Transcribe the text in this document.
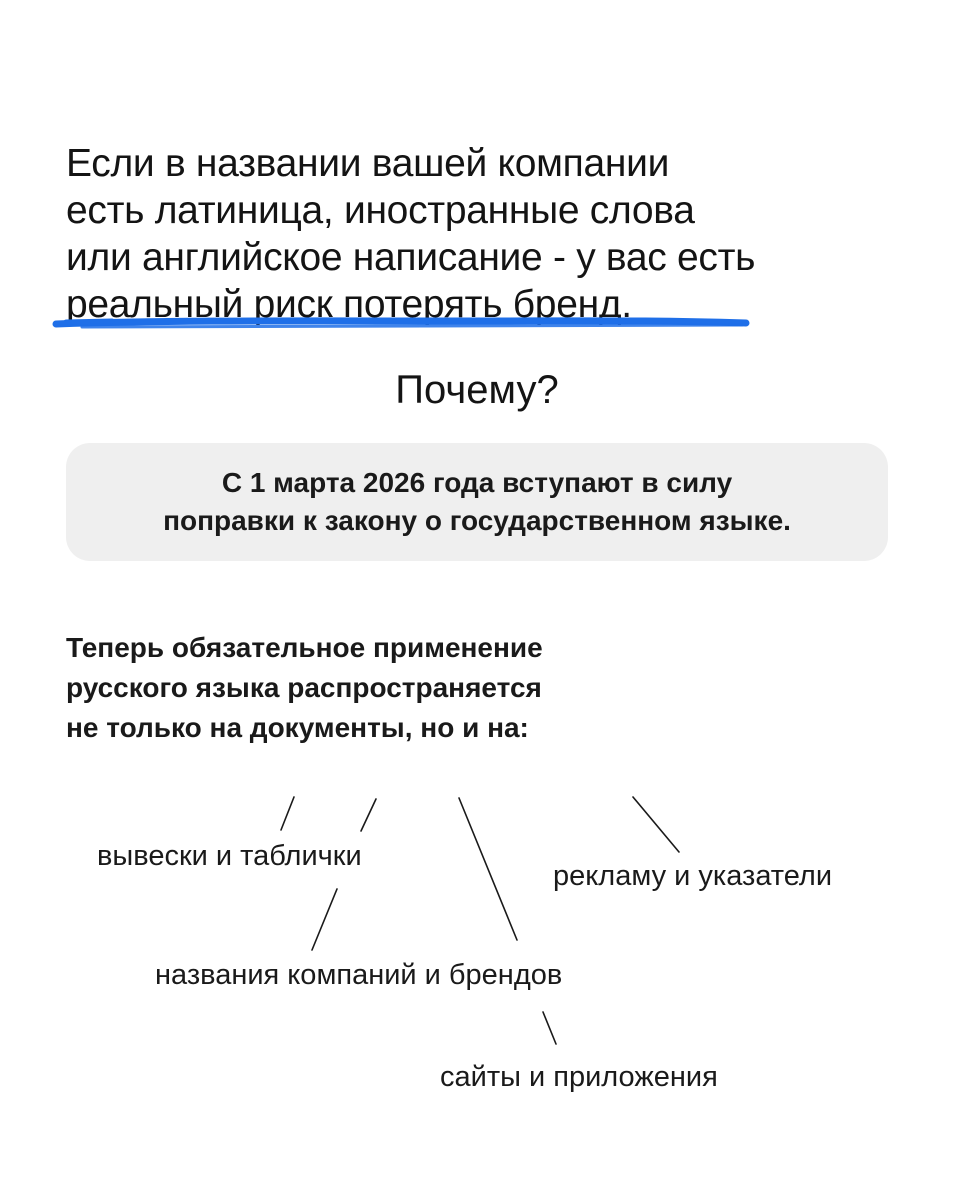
Если в названии вашей компании
есть латиница, иностранные слова
или английское написание - у вас есть
реальный риск потерять бренд.
Почему?
С 1 марта 2026 года вступают в силу
поправки к закону о государственном языке.
Теперь обязательное применение
русского языка распространяется
не только на документы, но и на:
вывески и таблички
рекламу и указатели
названия компаний и брендов
сайты и приложения
